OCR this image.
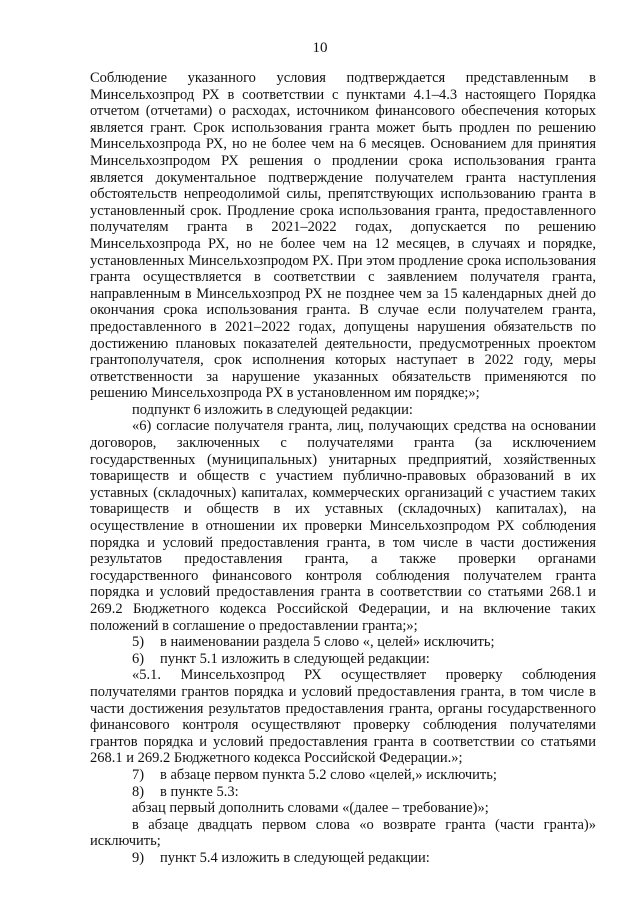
10

Соблюдение указанного условия подтверждается представленным в Минсельхозпрод РХ в соответствии с пунктами 4.1–4.3 настоящего Порядка отчетом (отчетами) о расходах, источником финансового обеспечения которых является грант. Срок использования гранта может быть продлен по решению Минсельхозпрода РХ, но не более чем на 6 месяцев. Основанием для принятия Минсельхозпродом РХ решения о продлении срока использования гранта является документальное подтверждение получателем гранта наступления обстоятельств непреодолимой силы, препятствующих использованию гранта в установленный срок. Продление срока использования гранта, предоставленного получателям гранта в 2021–2022 годах, допускается по решению Минсельхозпрода РХ, но не более чем на 12 месяцев, в случаях и порядке, установленных Минсельхозпродом РХ. При этом продление срока использования гранта осуществляется в соответствии с заявлением получателя гранта, направленным в Минсельхозпрод РХ не позднее чем за 15 календарных дней до окончания срока использования гранта. В случае если получателем гранта, предоставленного в 2021–2022 годах, допущены нарушения обязательств по достижению плановых показателей деятельности, предусмотренных проектом грантополучателя, срок исполнения которых наступает в 2022 году, меры ответственности за нарушение указанных обязательств применяются по решению Минсельхозпрода РХ в установленном им порядке;»;

подпункт 6 изложить в следующей редакции:

«6) согласие получателя гранта, лиц, получающих средства на основании договоров, заключенных с получателями гранта (за исключением государственных (муниципальных) унитарных предприятий, хозяйственных товариществ и обществ с участием публично-правовых образований в их уставных (складочных) капиталах, коммерческих организаций с участием таких товариществ и обществ в их уставных (складочных) капиталах), на осуществление в отношении их проверки Минсельхозпродом РХ соблюдения порядка и условий предоставления гранта, в том числе в части достижения результатов предоставления гранта, а также проверки органами государственного финансового контроля соблюдения получателем гранта порядка и условий предоставления гранта в соответствии со статьями 268.1 и 269.2 Бюджетного кодекса Российской Федерации, и на включение таких положений в соглашение о предоставлении гранта;»;

5)	в наименовании раздела 5 слово «, целей» исключить;
6)	пункт 5.1 изложить в следующей редакции:

«5.1. Минсельхозпрод РХ осуществляет проверку соблюдения получателями грантов порядка и условий предоставления гранта, в том числе в части достижения результатов предоставления гранта, органы государственного финансового контроля осуществляют проверку соблюдения получателями грантов порядка и условий предоставления гранта в соответствии со статьями 268.1 и 269.2 Бюджетного кодекса Российской Федерации.»;

7)	в абзаце первом пункта 5.2 слово «целей,» исключить;
8)	в пункте 5.3:

абзац первый дополнить словами «(далее – требование)»;

в абзаце двадцать первом слова «о возврате гранта (части гранта)» исключить;

9)	пункт 5.4 изложить в следующей редакции:
